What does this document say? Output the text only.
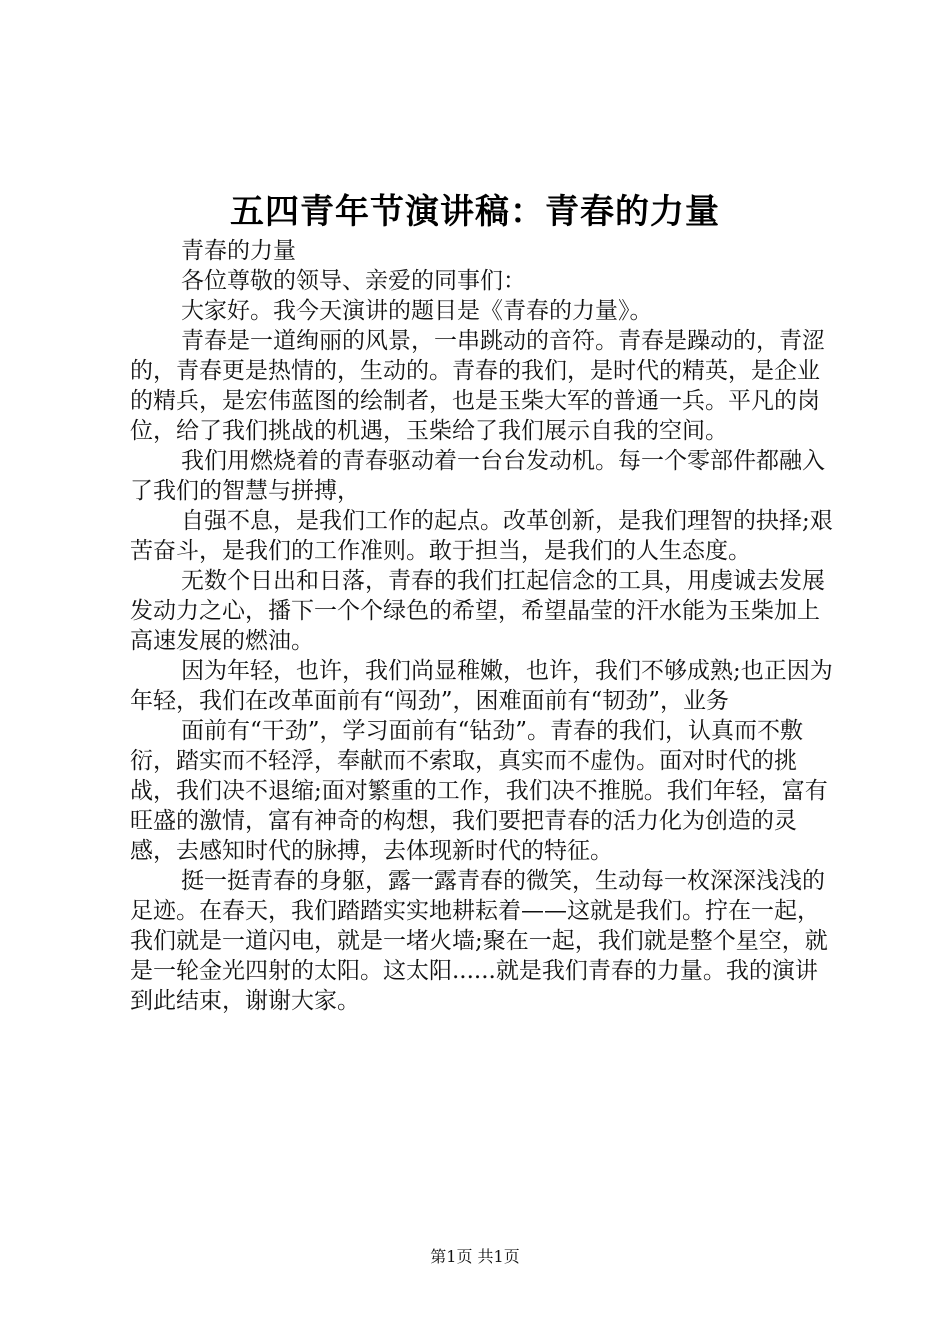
五四青年节演讲稿：青春的力量

青春的力量

各位尊敬的领导、亲爱的同事们：

大家好。我今天演讲的题目是《青春的力量》。

青春是一道绚丽的风景，一串跳动的音符。青春是躁动的，青涩的，青春更是热情的，生动的。青春的我们，是时代的精英，是企业的精兵，是宏伟蓝图的绘制者，也是玉柴大军的普通一兵。平凡的岗位，给了我们挑战的机遇，玉柴给了我们展示自我的空间。

我们用燃烧着的青春驱动着一台台发动机。每一个零部件都融入了我们的智慧与拼搏，

自强不息，是我们工作的起点。改革创新，是我们理智的抉择;艰苦奋斗，是我们的工作准则。敢于担当，是我们的人生态度。

无数个日出和日落，青春的我们扛起信念的工具，用虔诚去发展发动力之心，播下一个个绿色的希望，希望晶莹的汗水能为玉柴加上高速发展的燃油。

因为年轻，也许，我们尚显稚嫩，也许，我们不够成熟;也正因为年轻，我们在改革面前有“闯劲”，困难面前有“韧劲”，业务

面前有“干劲”，学习面前有“钻劲”。青春的我们，认真而不敷衍，踏实而不轻浮，奉献而不索取，真实而不虚伪。面对时代的挑战，我们决不退缩;面对繁重的工作，我们决不推脱。我们年轻，富有旺盛的激情，富有神奇的构想，我们要把青春的活力化为创造的灵感，去感知时代的脉搏，去体现新时代的特征。

挺一挺青春的身躯，露一露青春的微笑，生动每一枚深深浅浅的足迹。在春天，我们踏踏实实地耕耘着——这就是我们。拧在一起，我们就是一道闪电，就是一堵火墙;聚在一起，我们就是整个星空，就是一轮金光四射的太阳。这太阳......就是我们青春的力量。我的演讲到此结束，谢谢大家。

第1页 共1页
